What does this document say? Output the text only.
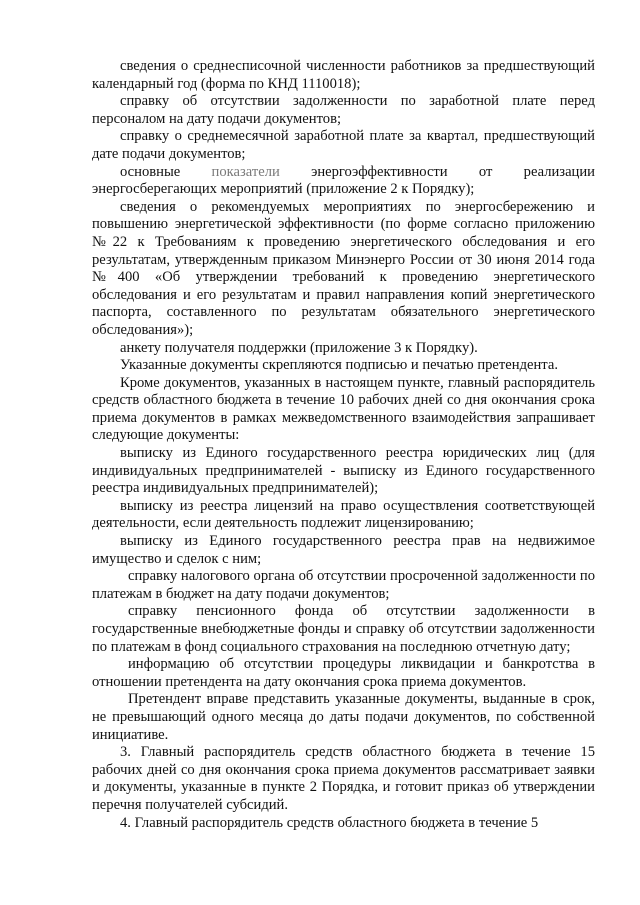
сведения о среднесписочной численности работников за предшествующий календарный год (форма по КНД 1110018);

справку об отсутствии задолженности по заработной плате перед персоналом на дату подачи документов;

справку о среднемесячной заработной плате за квартал, предшествующий дате подачи документов;

основные показатели энергоэффективности от реализации энергосберегающих мероприятий (приложение 2 к Порядку);

сведения о рекомендуемых мероприятиях по энергосбережению и повышению энергетической эффективности (по форме согласно приложению №22 к Требованиям к проведению энергетического обследования и его результатам, утвержденным приказом Минэнерго России от 30 июня 2014 года №400 «Об утверждении требований к проведению энергетического обследования и его результатам и правил направления копий энергетического паспорта, составленного по результатам обязательного энергетического обследования»);

анкету получателя поддержки (приложение 3 к Порядку).

Указанные документы скрепляются подписью и печатью претендента.

Кроме документов, указанных в настоящем пункте, главный распорядитель средств областного бюджета в течение 10 рабочих дней со дня окончания срока приема документов в рамках межведомственного взаимодействия запрашивает следующие документы:

выписку из Единого государственного реестра юридических лиц (для индивидуальных предпринимателей - выписку из Единого государственного реестра индивидуальных предпринимателей);

выписку из реестра лицензий на право осуществления соответствующей деятельности, если деятельность подлежит лицензированию;

выписку из Единого государственного реестра прав на недвижимое имущество и сделок с ним;

справку налогового органа об отсутствии просроченной задолженности по платежам в бюджет на дату подачи документов;

справку пенсионного фонда об отсутствии задолженности в государственные внебюджетные фонды и справку об отсутствии задолженности по платежам в фонд социального страхования на последнюю отчетную дату;

информацию об отсутствии процедуры ликвидации и банкротства в отношении претендента на дату окончания срока приема документов.

Претендент вправе представить указанные документы, выданные в срок, не превышающий одного месяца до даты подачи документов, по собственной инициативе.

3. Главный распорядитель средств областного бюджета в течение 15 рабочих дней со дня окончания срока приема документов рассматривает заявки и документы, указанные в пункте 2 Порядка, и готовит приказ об утверждении перечня получателей субсидий.

4. Главный распорядитель средств областного бюджета в течение 5
